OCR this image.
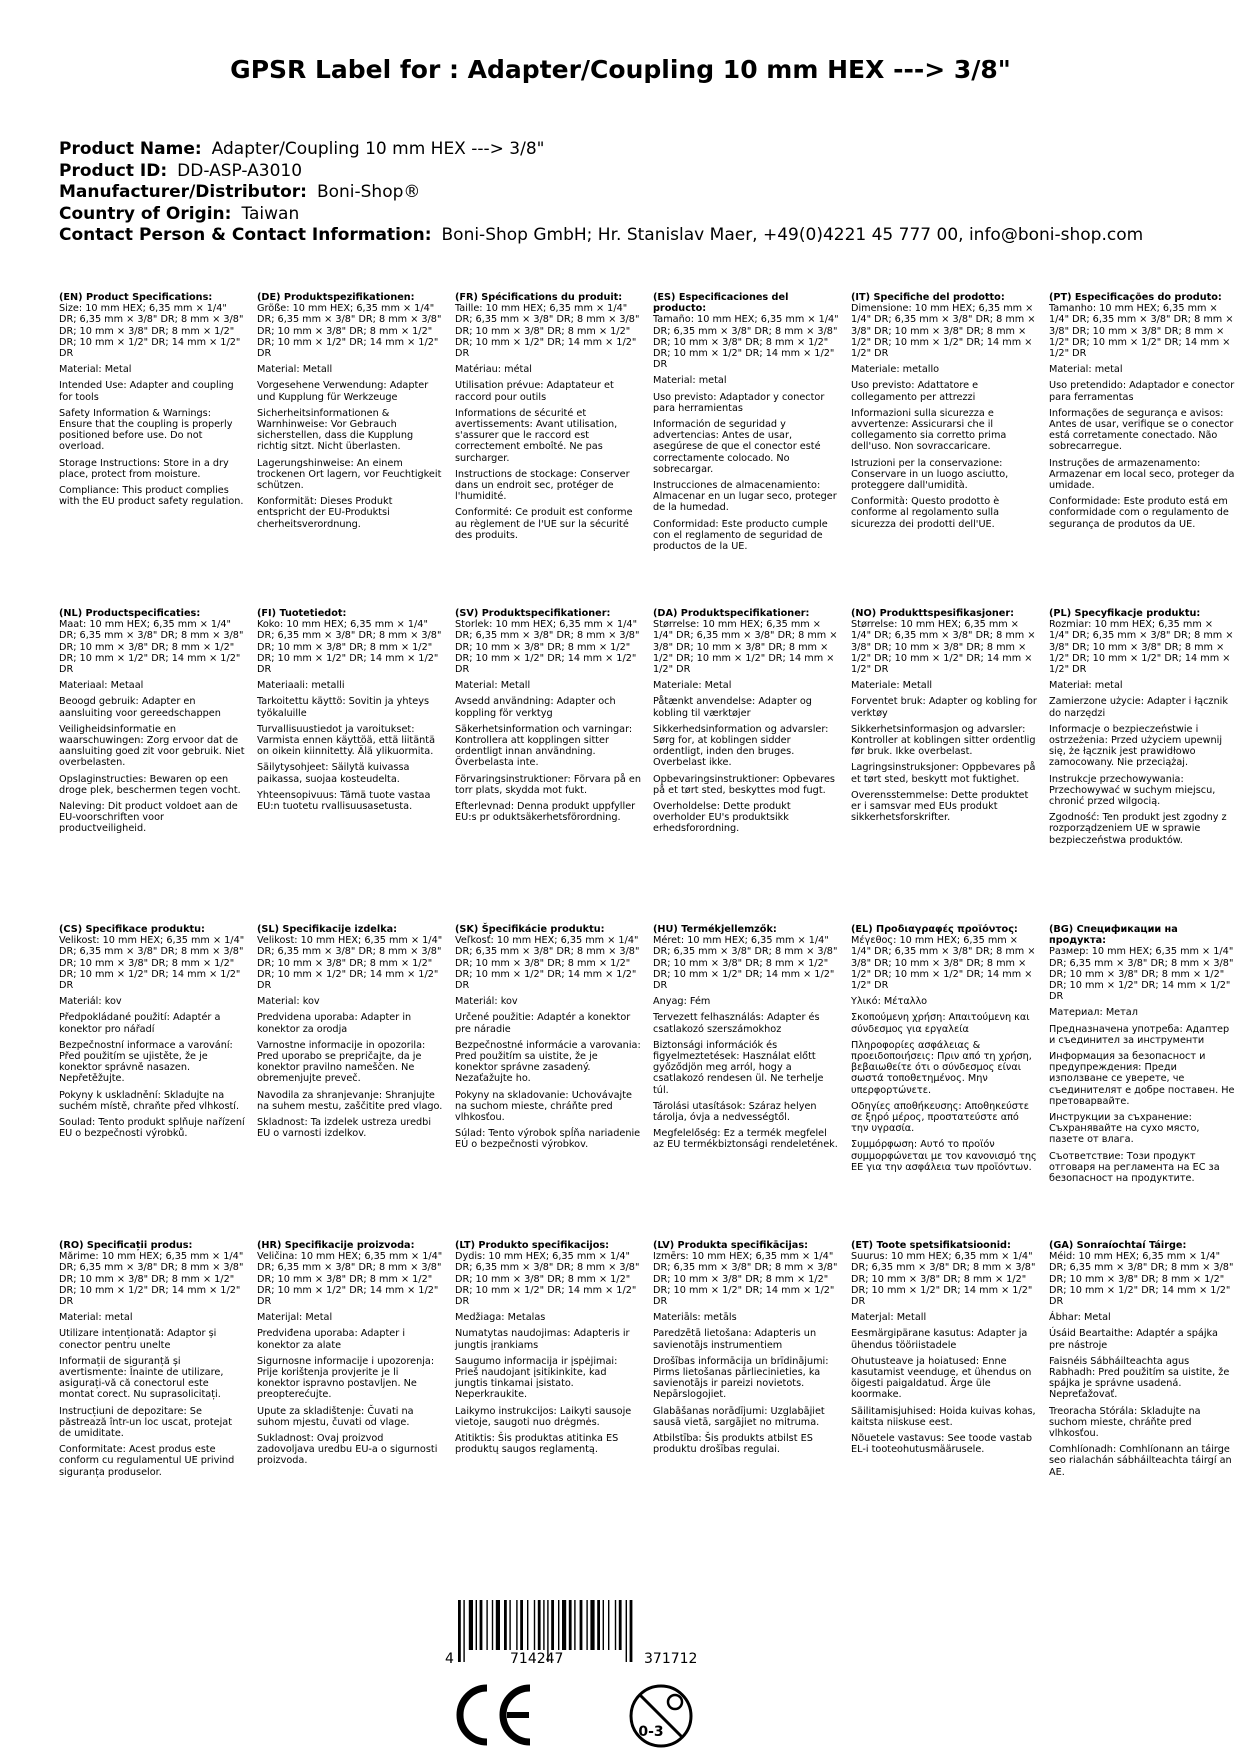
GPSR Label for : Adapter/Coupling 10 mm HEX ---> 3/8"
Product Name: Adapter/Coupling 10 mm HEX ---> 3/8"
Product ID: DD-ASP-A3010
Manufacturer/Distributor: Boni-Shop®
Country of Origin: Taiwan
Contact Person & Contact Information: Boni-Shop GmbH; Hr. Stanislav Maer, +49(0)4221 45 777 00, info@boni-shop.com
(EN) Product Specifications:

Size: 10 mm HEX; 6,35 mm × 1/4" DR; 6,35 mm × 3/8" DR; 8 mm × 3/8" DR; 10 mm × 3/8" DR; 8 mm × 1/2" DR; 10 mm × 1/2" DR; 14 mm × 1/2" DR

Material: Metal

Intended Use: Adapter and coupling for tools

Safety Information & Warnings: Ensure that the coupling is properly positioned before use. Do not overload.

Storage Instructions: Store in a dry place, protect from moisture.

Compliance: This product complies with the EU product safety regulation.

(DE) Produktspezifikationen:

Größe: 10 mm HEX; 6,35 mm × 1/4" DR; 6,35 mm × 3/8" DR; 8 mm × 3/8" DR; 10 mm × 3/8" DR; 8 mm × 1/2" DR; 10 mm × 1/2" DR; 14 mm × 1/2" DR

Material: Metall

Vorgesehene Verwendung: Adapter und Kupplung für Werkzeuge

Sicherheitsinformationen & Warnhinweise: Vor Gebrauch sicherstellen, dass die Kupplung richtig sitzt. Nicht überlasten.

Lagerungshinweise: An einem trockenen Ort lagern, vor Feuchtigkeit schützen.

Konformität: Dieses Produkt entspricht der EU-Produktsi cherheitsverordnung.

(FR) Spécifications du produit:

Taille: 10 mm HEX; 6,35 mm × 1/4" DR; 6,35 mm × 3/8" DR; 8 mm × 3/8" DR; 10 mm × 3/8" DR; 8 mm × 1/2" DR; 10 mm × 1/2" DR; 14 mm × 1/2" DR

Matériau: métal

Utilisation prévue: Adaptateur et raccord pour outils

Informations de sécurité et avertissements: Avant utilisation, s'assurer que le raccord est correctement emboîté. Ne pas surcharger.

Instructions de stockage: Conserver dans un endroit sec, protéger de l'humidité.

Conformité: Ce produit est conforme au règlement de l'UE sur la sécurité des produits.

(ES) Especificaciones del producto:

Tamaño: 10 mm HEX; 6,35 mm × 1/4" DR; 6,35 mm × 3/8" DR; 8 mm × 3/8" DR; 10 mm × 3/8" DR; 8 mm × 1/2" DR; 10 mm × 1/2" DR; 14 mm × 1/2" DR

Material: metal

Uso previsto: Adaptador y conector para herramientas

Información de seguridad y advertencias: Antes de usar, asegúrese de que el conector esté correctamente colocado. No sobrecargar.

Instrucciones de almacenamiento: Almacenar en un lugar seco, proteger de la humedad.

Conformidad: Este producto cumple con el reglamento de seguridad de productos de la UE.

(IT) Specifiche del prodotto:

Dimensione: 10 mm HEX; 6,35 mm × 1/4" DR; 6,35 mm × 3/8" DR; 8 mm × 3/8" DR; 10 mm × 3/8" DR; 8 mm × 1/2" DR; 10 mm × 1/2" DR; 14 mm × 1/2" DR

Materiale: metallo

Uso previsto: Adattatore e collegamento per attrezzi

Informazioni sulla sicurezza e avvertenze: Assicurarsi che il collegamento sia corretto prima dell'uso. Non sovraccaricare.

Istruzioni per la conservazione: Conservare in un luogo asciutto, proteggere dall'umidità.

Conformità: Questo prodotto è conforme al regolamento sulla sicurezza dei prodotti dell'UE.

(PT) Especificações do produto:

Tamanho: 10 mm HEX; 6,35 mm × 1/4" DR; 6,35 mm × 3/8" DR; 8 mm × 3/8" DR; 10 mm × 3/8" DR; 8 mm × 1/2" DR; 10 mm × 1/2" DR; 14 mm × 1/2" DR

Material: metal

Uso pretendido: Adaptador e conector para ferramentas

Informações de segurança e avisos: Antes de usar, verifique se o conector está corretamente conectado. Não sobrecarregue.

Instruções de armazenamento: Armazenar em local seco, proteger da umidade.

Conformidade: Este produto está em conformidade com o regulamento de segurança de produtos da UE.

(NL) Productspecificaties:

Maat: 10 mm HEX; 6,35 mm × 1/4" DR; 6,35 mm × 3/8" DR; 8 mm × 3/8" DR; 10 mm × 3/8" DR; 8 mm × 1/2" DR; 10 mm × 1/2" DR; 14 mm × 1/2" DR

Materiaal: Metaal

Beoogd gebruik: Adapter en aansluiting voor gereedschappen

Veiligheidsinformatie en waarschuwingen: Zorg ervoor dat de aansluiting goed zit voor gebruik. Niet overbelasten.

Opslaginstructies: Bewaren op een droge plek, beschermen tegen vocht.

Naleving: Dit product voldoet aan de EU-voorschriften voor productveiligheid.

(FI) Tuotetiedot:

Koko: 10 mm HEX; 6,35 mm × 1/4" DR; 6,35 mm × 3/8" DR; 8 mm × 3/8" DR; 10 mm × 3/8" DR; 8 mm × 1/2" DR; 10 mm × 1/2" DR; 14 mm × 1/2" DR

Materiaali: metalli

Tarkoitettu käyttö: Sovitin ja yhteys työkaluille

Turvallisuustiedot ja varoitukset: Varmista ennen käyttöä, että liitäntä on oikein kiinnitetty. Älä ylikuormita.

Säilytysohjeet: Säilytä kuivassa paikassa, suojaa kosteudelta.

Yhteensopivuus: Tämä tuote vastaa EU:n tuotetu rvallisuusasetusta.

(SV) Produktspecifikationer:

Storlek: 10 mm HEX; 6,35 mm × 1/4" DR; 6,35 mm × 3/8" DR; 8 mm × 3/8" DR; 10 mm × 3/8" DR; 8 mm × 1/2" DR; 10 mm × 1/2" DR; 14 mm × 1/2" DR

Material: Metall

Avsedd användning: Adapter och koppling för verktyg

Säkerhetsinformation och varningar: Kontrollera att kopplingen sitter ordentligt innan användning. Överbelasta inte.

Förvaringsinstruktioner: Förvara på en torr plats, skydda mot fukt.

Efterlevnad: Denna produkt uppfyller EU:s pr oduktsäkerhetsförordning.

(DA) Produktspecifikationer:

Størrelse: 10 mm HEX; 6,35 mm × 1/4" DR; 6,35 mm × 3/8" DR; 8 mm × 3/8" DR; 10 mm × 3/8" DR; 8 mm × 1/2" DR; 10 mm × 1/2" DR; 14 mm × 1/2" DR

Materiale: Metal

Påtænkt anvendelse: Adapter og kobling til værktøjer

Sikkerhedsinformation og advarsler: Sørg for, at koblingen sidder ordentligt, inden den bruges. Overbelast ikke.

Opbevaringsinstruktioner: Opbevares på et tørt sted, beskyttes mod fugt.

Overholdelse: Dette produkt overholder EU's produktsikk erhedsforordning.

(NO) Produkttspesifikasjoner:

Størrelse: 10 mm HEX; 6,35 mm × 1/4" DR; 6,35 mm × 3/8" DR; 8 mm × 3/8" DR; 10 mm × 3/8" DR; 8 mm × 1/2" DR; 10 mm × 1/2" DR; 14 mm × 1/2" DR

Materiale: Metall

Forventet bruk: Adapter og kobling for verktøy

Sikkerhetsinformasjon og advarsler: Kontroller at koblingen sitter ordentlig før bruk. Ikke overbelast.

Lagringsinstruksjoner: Oppbevares på et tørt sted, beskytt mot fuktighet.

Overensstemmelse: Dette produktet er i samsvar med EUs produkt sikkerhetsforskrifter.

(PL) Specyfikacje produktu:

Rozmiar: 10 mm HEX; 6,35 mm × 1/4" DR; 6,35 mm × 3/8" DR; 8 mm × 3/8" DR; 10 mm × 3/8" DR; 8 mm × 1/2" DR; 10 mm × 1/2" DR; 14 mm × 1/2" DR

Materiał: metal

Zamierzone użycie: Adapter i łącznik do narzędzi

Informacje o bezpieczeństwie i ostrzeżenia: Przed użyciem upewnij się, że łącznik jest prawidłowo zamocowany. Nie przeciążaj.

Instrukcje przechowywania: Przechowywać w suchym miejscu, chronić przed wilgocią.

Zgodność: Ten produkt jest zgodny z rozporządzeniem UE w sprawie bezpieczeństwa produktów.

(CS) Specifikace produktu:

Velikost: 10 mm HEX; 6,35 mm × 1/4" DR; 6,35 mm × 3/8" DR; 8 mm × 3/8" DR; 10 mm × 3/8" DR; 8 mm × 1/2" DR; 10 mm × 1/2" DR; 14 mm × 1/2" DR

Materiál: kov

Předpokládané použití: Adaptér a konektor pro nářadí

Bezpečnostní informace a varování: Před použitím se ujistěte, že je konektor správně nasazen. Nepřetěžujte.

Pokyny k uskladnění: Skladujte na suchém místě, chraňte před vlhkostí.

Soulad: Tento produkt splňuje nařízení EU o bezpečnosti výrobků.

(SL) Specifikacije izdelka:

Velikost: 10 mm HEX; 6,35 mm × 1/4" DR; 6,35 mm × 3/8" DR; 8 mm × 3/8" DR; 10 mm × 3/8" DR; 8 mm × 1/2" DR; 10 mm × 1/2" DR; 14 mm × 1/2" DR

Material: kov

Predvidena uporaba: Adapter in konektor za orodja

Varnostne informacije in opozorila: Pred uporabo se prepričajte, da je konektor pravilno nameščen. Ne obremenjujte preveč.

Navodila za shranjevanje: Shranjujte na suhem mestu, zaščitite pred vlago.

Skladnost: Ta izdelek ustreza uredbi EU o varnosti izdelkov.

(SK) Špecifikácie produktu:

Veľkosť: 10 mm HEX; 6,35 mm × 1/4" DR; 6,35 mm × 3/8" DR; 8 mm × 3/8" DR; 10 mm × 3/8" DR; 8 mm × 1/2" DR; 10 mm × 1/2" DR; 14 mm × 1/2" DR

Materiál: kov

Určené použitie: Adaptér a konektor pre náradie

Bezpečnostné informácie a varovania: Pred použitím sa uistite, že je konektor správne zasadený. Nezaťažujte ho.

Pokyny na skladovanie: Uchovávajte na suchom mieste, chráňte pred vlhkosťou.

Súlad: Tento výrobok spĺňa nariadenie EÚ o bezpečnosti výrobkov.

(HU) Termékjellemzők:

Méret: 10 mm HEX; 6,35 mm × 1/4" DR; 6,35 mm × 3/8" DR; 8 mm × 3/8" DR; 10 mm × 3/8" DR; 8 mm × 1/2" DR; 10 mm × 1/2" DR; 14 mm × 1/2" DR

Anyag: Fém

Tervezett felhasználás: Adapter és csatlakozó szerszámokhoz

Biztonsági információk és figyelmeztetések: Használat előtt győződjön meg arról, hogy a csatlakozó rendesen ül. Ne terhelje túl.

Tárolási utasítások: Száraz helyen tárolja, óvja a nedvességtől.

Megfelelőség: Ez a termék megfelel az EU termékbiztonsági rendeletének.

(EL) Προδιαγραφές προϊόντος:

Μέγεθος: 10 mm HEX; 6,35 mm × 1/4" DR; 6,35 mm × 3/8" DR; 8 mm × 3/8" DR; 10 mm × 3/8" DR; 8 mm × 1/2" DR; 10 mm × 1/2" DR; 14 mm × 1/2" DR

Υλικό: Μέταλλο

Σκοπούμενη χρήση: Απαιτούμενη και σύνδεσμος για εργαλεία

Πληροφορίες ασφάλειας & προειδοποιήσεις: Πριν από τη χρήση, βεβαιωθείτε ότι ο σύνδεσμος είναι σωστά τοποθετημένος. Μην υπερφορτώνετε.

Οδηγίες αποθήκευσης: Αποθηκεύστε σε ξηρό μέρος, προστατεύστε από την υγρασία.

Συμμόρφωση: Αυτό το προϊόν συμμορφώνεται με τον κανονισμό της ΕΕ για την ασφάλεια των προϊόντων.

(BG) Спецификации на продукта:

Размер: 10 mm HEX; 6,35 mm × 1/4" DR; 6,35 mm × 3/8" DR; 8 mm × 3/8" DR; 10 mm × 3/8" DR; 8 mm × 1/2" DR; 10 mm × 1/2" DR; 14 mm × 1/2" DR

Материал: Метал

Предназначена употреба: Адаптер и съединител за инструменти

Информация за безопасност и предупреждения: Преди използване се уверете, че съединителят е добре поставен. Не претоварвайте.

Инструкции за съхранение: Съхранявайте на сухо място, пазете от влага.

Съответствие: Този продукт отговаря на регламента на ЕС за безопасност на продуктите.

(RO) Specificații produs:

Mărime: 10 mm HEX; 6,35 mm × 1/4" DR; 6,35 mm × 3/8" DR; 8 mm × 3/8" DR; 10 mm × 3/8" DR; 8 mm × 1/2" DR; 10 mm × 1/2" DR; 14 mm × 1/2" DR

Material: metal

Utilizare intenționată: Adaptor și conector pentru unelte

Informații de siguranță și avertismente: Înainte de utilizare, asigurați-vă că conectorul este montat corect. Nu suprasolicitați.

Instrucțiuni de depozitare: Se păstrează într-un loc uscat, protejat de umiditate.

Conformitate: Acest produs este conform cu regulamentul UE privind siguranța produselor.

(HR) Specifikacije proizvoda:

Veličina: 10 mm HEX; 6,35 mm × 1/4" DR; 6,35 mm × 3/8" DR; 8 mm × 3/8" DR; 10 mm × 3/8" DR; 8 mm × 1/2" DR; 10 mm × 1/2" DR; 14 mm × 1/2" DR

Materijal: Metal

Predviđena uporaba: Adapter i konektor za alate

Sigurnosne informacije i upozorenja: Prije korištenja provjerite je li konektor ispravno postavljen. Ne preopterećujte.

Upute za skladištenje: Čuvati na suhom mjestu, čuvati od vlage.

Sukladnost: Ovaj proizvod zadovoljava uredbu EU-a o sigurnosti proizvoda.

(LT) Produkto specifikacijos:

Dydis: 10 mm HEX; 6,35 mm × 1/4" DR; 6,35 mm × 3/8" DR; 8 mm × 3/8" DR; 10 mm × 3/8" DR; 8 mm × 1/2" DR; 10 mm × 1/2" DR; 14 mm × 1/2" DR

Medžiaga: Metalas

Numatytas naudojimas: Adapteris ir jungtis įrankiams

Saugumo informacija ir įspėjimai: Prieš naudojant įsitikinkite, kad jungtis tinkamai įsistato. Neperkraukite.

Laikymo instrukcijos: Laikyti sausoje vietoje, saugoti nuo drėgmės.

Atitiktis: Šis produktas atitinka ES produktų saugos reglamentą.

(LV) Produkta specifikācijas:

Izmērs: 10 mm HEX; 6,35 mm × 1/4" DR; 6,35 mm × 3/8" DR; 8 mm × 3/8" DR; 10 mm × 3/8" DR; 8 mm × 1/2" DR; 10 mm × 1/2" DR; 14 mm × 1/2" DR

Materiāls: metāls

Paredzētā lietošana: Adapteris un savienotājs instrumentiem

Drošības informācija un brīdinājumi: Pirms lietošanas pārliecinieties, ka savienotājs ir pareizi novietots. Nepārslogojiet.

Glabāšanas norādījumi: Uzglabājiet sausā vietā, sargājiet no mitruma.

Atbilstība: Šis produkts atbilst ES produktu drošības regulai.

(ET) Toote spetsifikatsioonid:

Suurus: 10 mm HEX; 6,35 mm × 1/4" DR; 6,35 mm × 3/8" DR; 8 mm × 3/8" DR; 10 mm × 3/8" DR; 8 mm × 1/2" DR; 10 mm × 1/2" DR; 14 mm × 1/2" DR

Materjal: Metall

Eesmärgipärane kasutus: Adapter ja ühendus tööriistadele

Ohutusteave ja hoiatused: Enne kasutamist veenduge, et ühendus on õigesti paigaldatud. Ärge üle koormake.

Säilitamisjuhised: Hoida kuivas kohas, kaitsta niiskuse eest.

Nõuetele vastavus: See toode vastab EL-i tooteohutusmäärusele.

(GA) Sonraíochtaí Táirge:

Méid: 10 mm HEX; 6,35 mm × 1/4" DR; 6,35 mm × 3/8" DR; 8 mm × 3/8" DR; 10 mm × 3/8" DR; 8 mm × 1/2" DR; 10 mm × 1/2" DR; 14 mm × 1/2" DR

Ábhar: Metal

Úsáid Beartaithe: Adaptér a spájka pre nástroje

Faisnéis Sábháilteachta agus Rabhadh: Pred použitím sa uistite, že spájka je správne usadená. Nepreťažovať.

Treoracha Stórála: Skladujte na suchom mieste, chráňte pred vlhkosťou.

Comhlíonadh: Comhlíonann an táirge seo rialachán sábháilteachta táirgí an AE.

4	714247	371712
0-3
